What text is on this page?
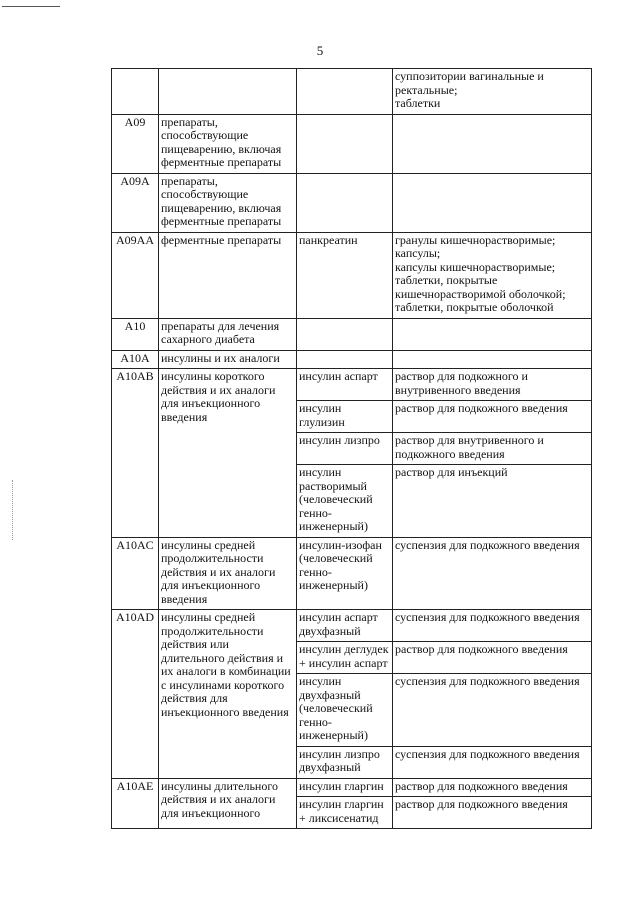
5
			суппозитории вагинальные и ректальные;
таблетки
A09	препараты, способствующие пищеварению, включая ферментные препараты		
A09A	препараты, способствующие пищеварению, включая ферментные препараты		
A09AA	ферментные препараты	панкреатин	гранулы кишечнорастворимые;
капсулы;
капсулы кишечнорастворимые;
таблетки, покрытые кишечнорастворимой оболочкой;
таблетки, покрытые оболочкой
A10	препараты для лечения сахарного диабета		
A10A	инсулины и их аналоги		
A10AB	инсулины короткого действия и их аналоги для инъекционного введения	инсулин аспарт	раствор для подкожного и внутривенного введения
		инсулин глулизин	раствор для подкожного введения
		инсулин лизпро	раствор для внутривенного и подкожного введения
		инсулин растворимый (человеческий генно-инженерный)	раствор для инъекций
A10AC	инсулины средней продолжительности действия и их аналоги для инъекционного введения	инсулин-изофан (человеческий генно-инженерный)	суспензия для подкожного введения
A10AD	инсулины средней продолжительности действия или длительного действия и их аналоги в комбинации с инсулинами короткого действия для инъекционного введения	инсулин аспарт двухфазный	суспензия для подкожного введения
		инсулин деглудек + инсулин аспарт	раствор для подкожного введения
		инсулин двухфазный (человеческий генно-инженерный)	суспензия для подкожного введения
		инсулин лизпро двухфазный	суспензия для подкожного введения
A10AE	инсулины длительного действия и их аналоги для инъекционного	инсулин гларгин	раствор для подкожного введения
		инсулин гларгин + ликсисенатид	раствор для подкожного введения
